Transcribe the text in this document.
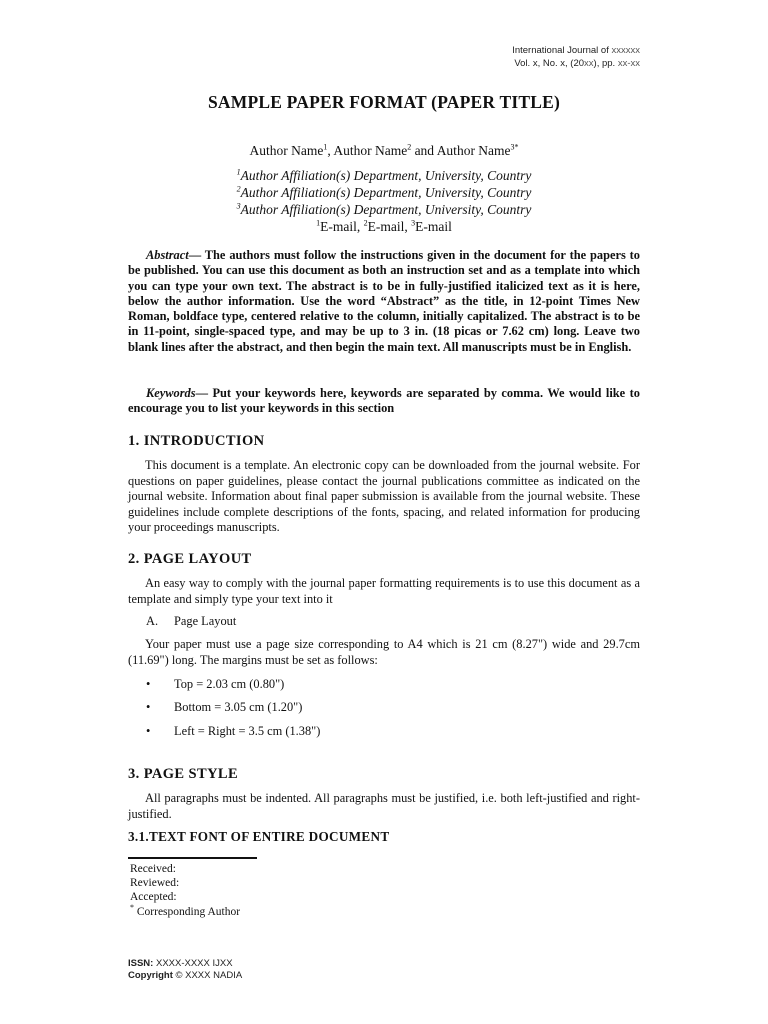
International Journal of xxxxxx
Vol. x, No. x, (20xx), pp. xx-xx
SAMPLE PAPER FORMAT (PAPER TITLE)
Author Name$^1$, Author Name$^2$ and Author Name$^{3*}$
$^1$Author Affiliation(s) Department, University, Country
$^2$Author Affiliation(s) Department, University, Country
$^3$Author Affiliation(s) Department, University, Country
$^1$E-mail, $^2$E-mail, $^3$E-mail
Abstract— The authors must follow the instructions given in the document for the papers to be published. You can use this document as both an instruction set and as a template into which you can type your own text. The abstract is to be in fully-justified italicized text as it is here, below the author information. Use the word “Abstract” as the title, in 12-point Times New Roman, boldface type, centered relative to the column, initially capitalized. The abstract is to be in 11-point, single-spaced type, and may be up to 3 in. (18 picas or 7.62 cm) long. Leave two blank lines after the abstract, and then begin the main text. All manuscripts must be in English.
Keywords— Put your keywords here, keywords are separated by comma. We would like to encourage you to list your keywords in this section
1. INTRODUCTION
This document is a template. An electronic copy can be downloaded from the journal website. For questions on paper guidelines, please contact the journal publications committee as indicated on the journal website. Information about final paper submission is available from the journal website. These guidelines include complete descriptions of the fonts, spacing, and related information for producing your proceedings manuscripts.
2. PAGE LAYOUT
An easy way to comply with the journal paper formatting requirements is to use this document as a template and simply type your text into it
A. Page Layout
Your paper must use a page size corresponding to A4 which is 21 cm (8.27") wide and 29.7cm (11.69") long. The margins must be set as follows:
• Top = 2.03 cm (0.80")
• Bottom = 3.05 cm (1.20")
• Left = Right = 3.5 cm (1.38")
3. PAGE STYLE
All paragraphs must be indented. All paragraphs must be justified, i.e. both left-justified and right-justified.
3.1.TEXT FONT OF ENTIRE DOCUMENT
Received:
Reviewed:
Accepted:
* Corresponding Author
ISSN: XXXX-XXXX IJXX
Copyright © XXXX NADIA
